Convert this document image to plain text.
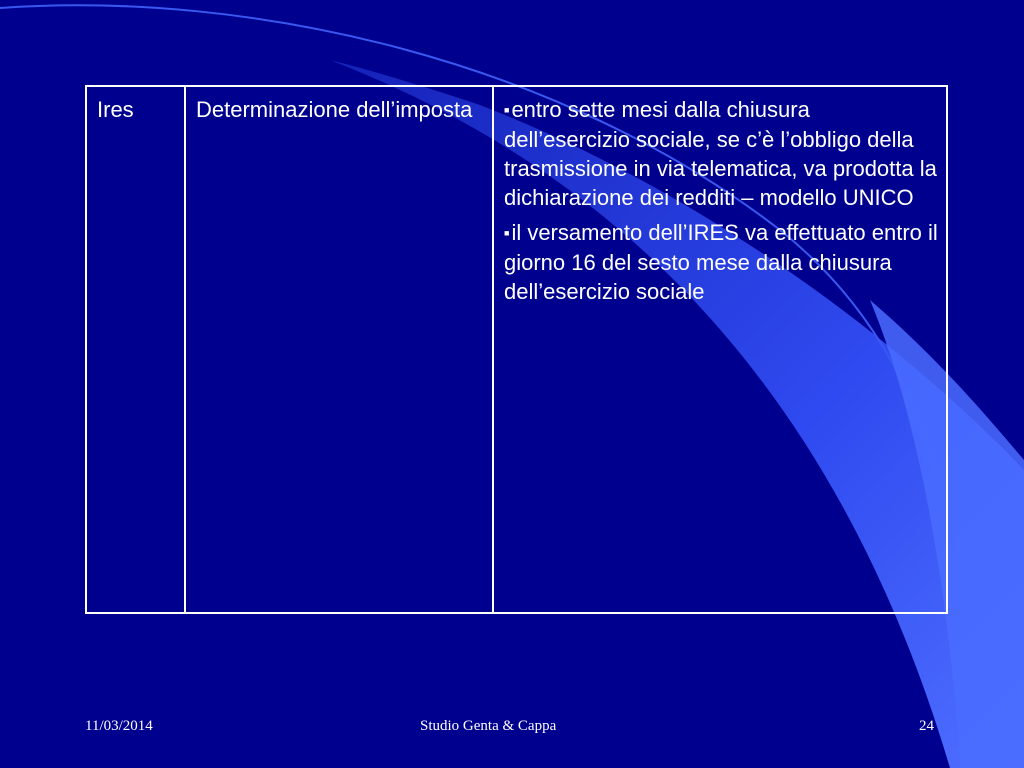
Ires	Determinazione dell’imposta	■entro sette mesi dalla chiusura dell’esercizio sociale, se c’è l’obbligo della trasmissione in via telematica, va prodotta la dichiarazione dei redditi – modello UNICO
■il versamento dell’IRES va effettuato entro il giorno 16 del sesto mese dalla chiusura dell’esercizio sociale
11/03/2014	Studio Genta & Cappa	24
